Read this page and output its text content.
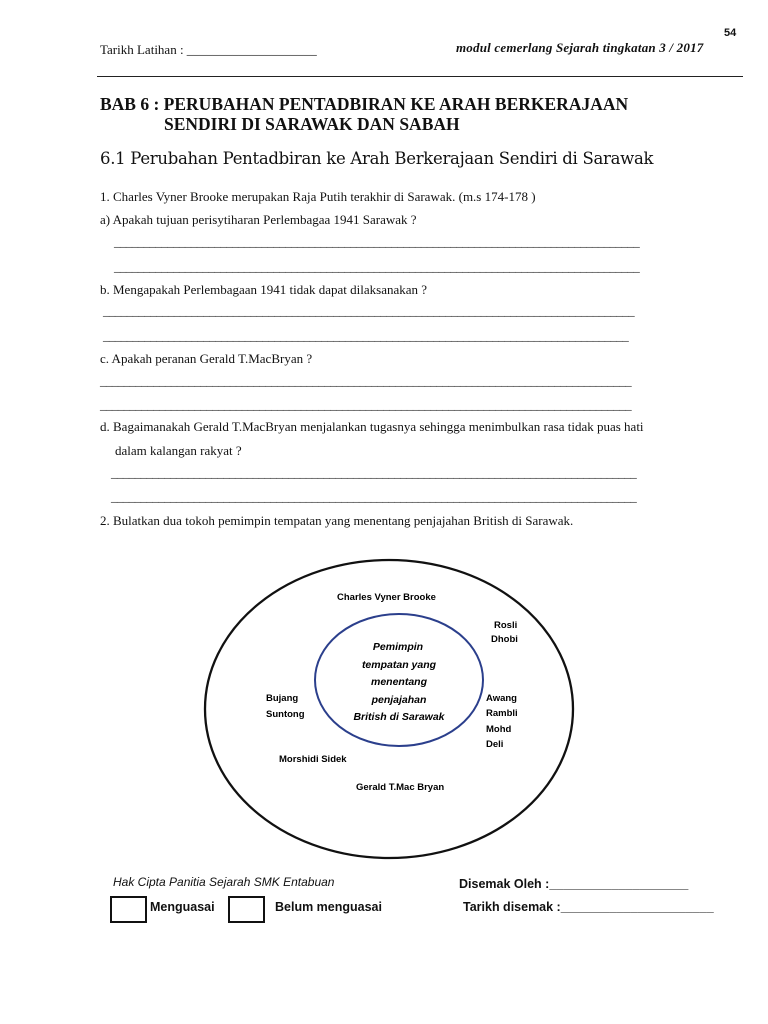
54
Tarikh Latihan : ____________________	modul cemerlang Sejarah tingkatan 3 / 2017
BAB 6 : PERUBAHAN PENTADBIRAN KE ARAH BERKERAJAAN
SENDIRI DI SARAWAK DAN SABAH
6.1 Perubahan Pentadbiran ke Arah Berkerajaan Sendiri di Sarawak
1. Charles Vyner Brooke merupakan Raja Putih terakhir di Sarawak. (m.s 174-178 )
a) Apakah tujuan perisytiharan Perlembagaa 1941 Sarawak ?
_________________________________________________________________________________________
_________________________________________________________________________________________
b. Mengapakah Perlembagaan 1941 tidak dapat dilaksanakan ?
__________________________________________________________________________________________
_________________________________________________________________________________________
c. Apakah peranan Gerald T.MacBryan ?
__________________________________________________________________________________________
__________________________________________________________________________________________
d. Bagaimanakah Gerald T.MacBryan menjalankan tugasnya sehingga menimbulkan rasa tidak puas hati
dalam kalangan rakyat ?
_________________________________________________________________________________________
_________________________________________________________________________________________
2. Bulatkan dua tokoh pemimpin tempatan yang menentang penjajahan British di Sarawak.
Pemimpin
tempatan yang
menentang
penjajahan
British di Sarawak
Charles Vyner Brooke
Rosli
Dhobi
Bujang
Suntong
Awang
Rambli
Mohd
Deli
Morshidi Sidek
Gerald T.Mac Bryan
Hak Cipta Panitia Sejarah SMK Entabuan	Disemak Oleh :____________________
Menguasai	Belum menguasai	Tarikh disemak :______________________
